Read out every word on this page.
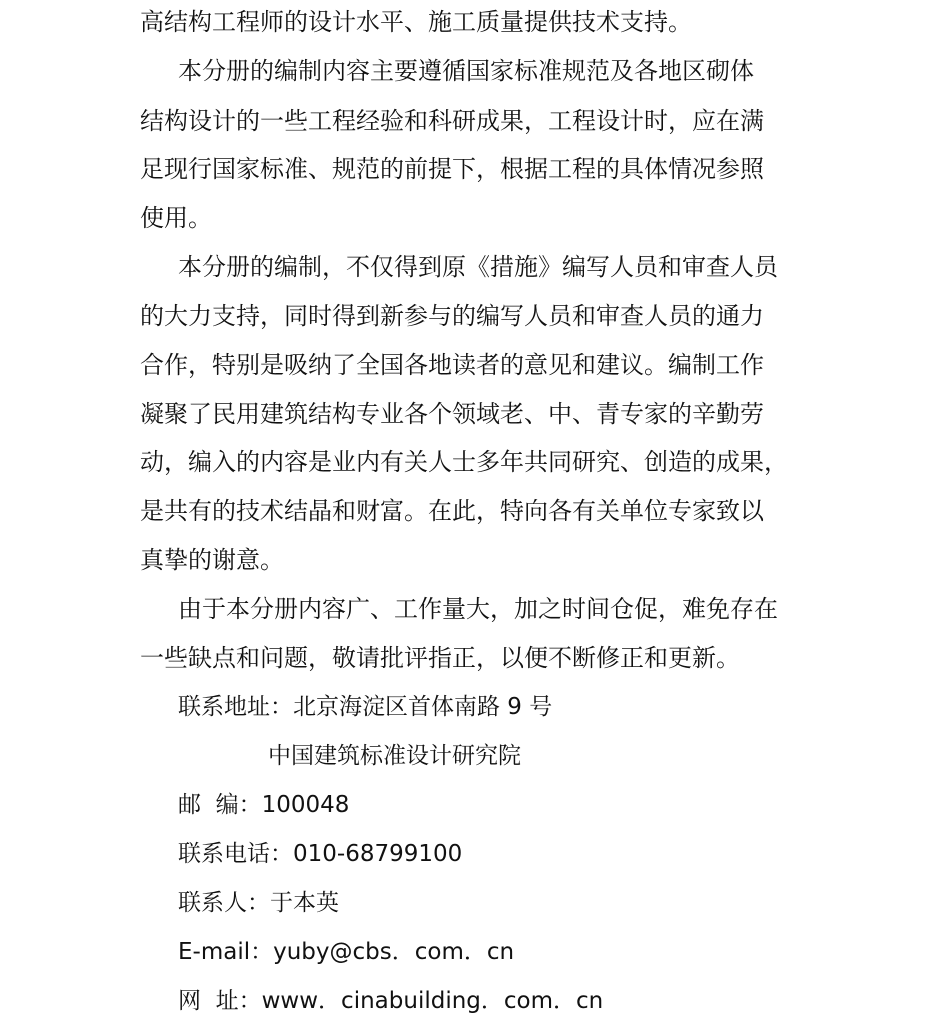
高结构工程师的设计水平、施工质量提供技术支持。
本分册的编制内容主要遵循国家标准规范及各地区砌体
结构设计的一些工程经验和科研成果，工程设计时，应在满
足现行国家标准、规范的前提下，根据工程的具体情况参照
使用。
本分册的编制，不仅得到原《措施》编写人员和审查人员
的大力支持，同时得到新参与的编写人员和审查人员的通力
合作，特别是吸纳了全国各地读者的意见和建议。编制工作
凝聚了民用建筑结构专业各个领域老、中、青专家的辛勤劳
动，编入的内容是业内有关人士多年共同研究、创造的成果，
是共有的技术结晶和财富。在此，特向各有关单位专家致以
真挚的谢意。
由于本分册内容广、工作量大，加之时间仓促，难免存在
一些缺点和问题，敬请批评指正，以便不断修正和更新。
联系地址：北京海淀区首体南路 9 号
中国建筑标准设计研究院
邮  编：100048
联系电话：010-68799100
联系人：于本英
E-mail：yuby@cbs．com．cn
网  址：www．cinabuilding．com．cn
